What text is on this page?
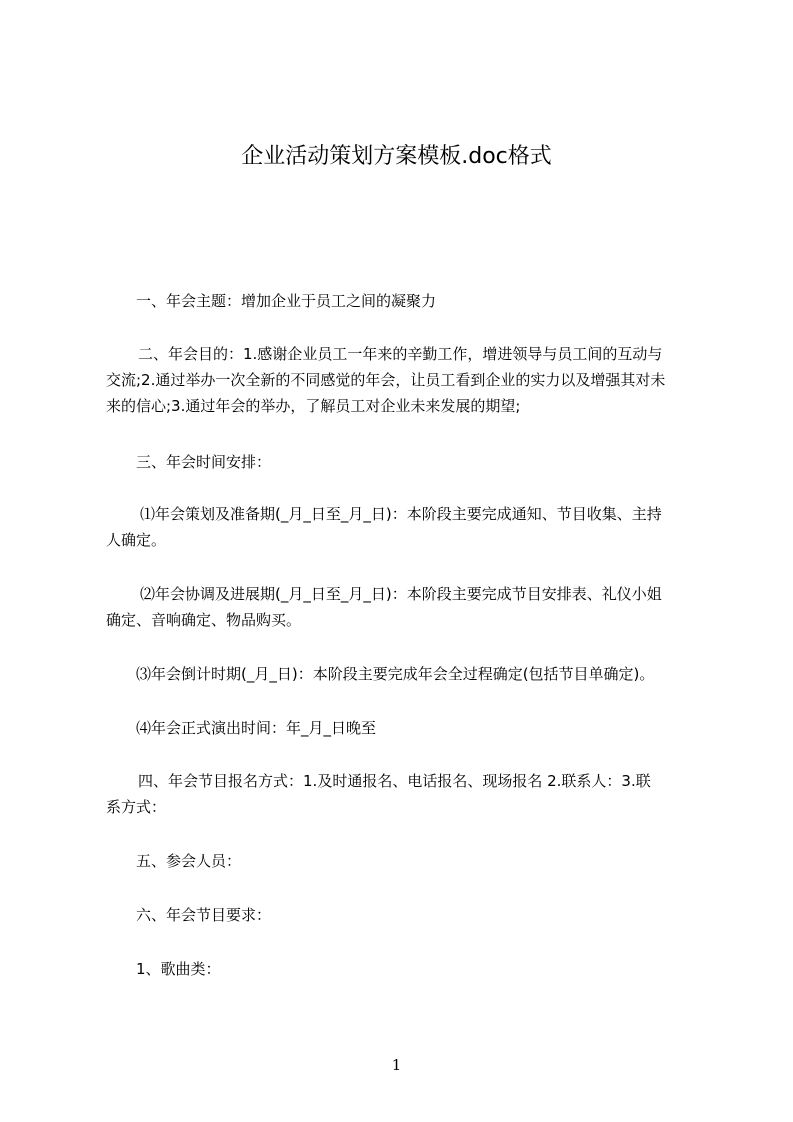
企业活动策划方案模板.doc格式

一、年会主题：增加企业于员工之间的凝聚力

二、年会目的：1.感谢企业员工一年来的辛勤工作，增进领导与员工间的互动与
交流;2.通过举办一次全新的不同感觉的年会，让员工看到企业的实力以及增强其对未
来的信心;3.通过年会的举办，了解员工对企业未来发展的期望;

三、年会时间安排：

⑴年会策划及准备期(_月_日至_月_日)：本阶段主要完成通知、节目收集、主持
人确定。

⑵年会协调及进展期(_月_日至_月_日)：本阶段主要完成节目安排表、礼仪小姐
确定、音响确定、物品购买。

⑶年会倒计时期(_月_日)：本阶段主要完成年会全过程确定(包括节目单确定)。

⑷年会正式演出时间：年_月_日晚至

四、年会节目报名方式：1.及时通报名、电话报名、现场报名 2.联系人：3.联
系方式：

五、参会人员：

六、年会节目要求：

1、歌曲类：

1
